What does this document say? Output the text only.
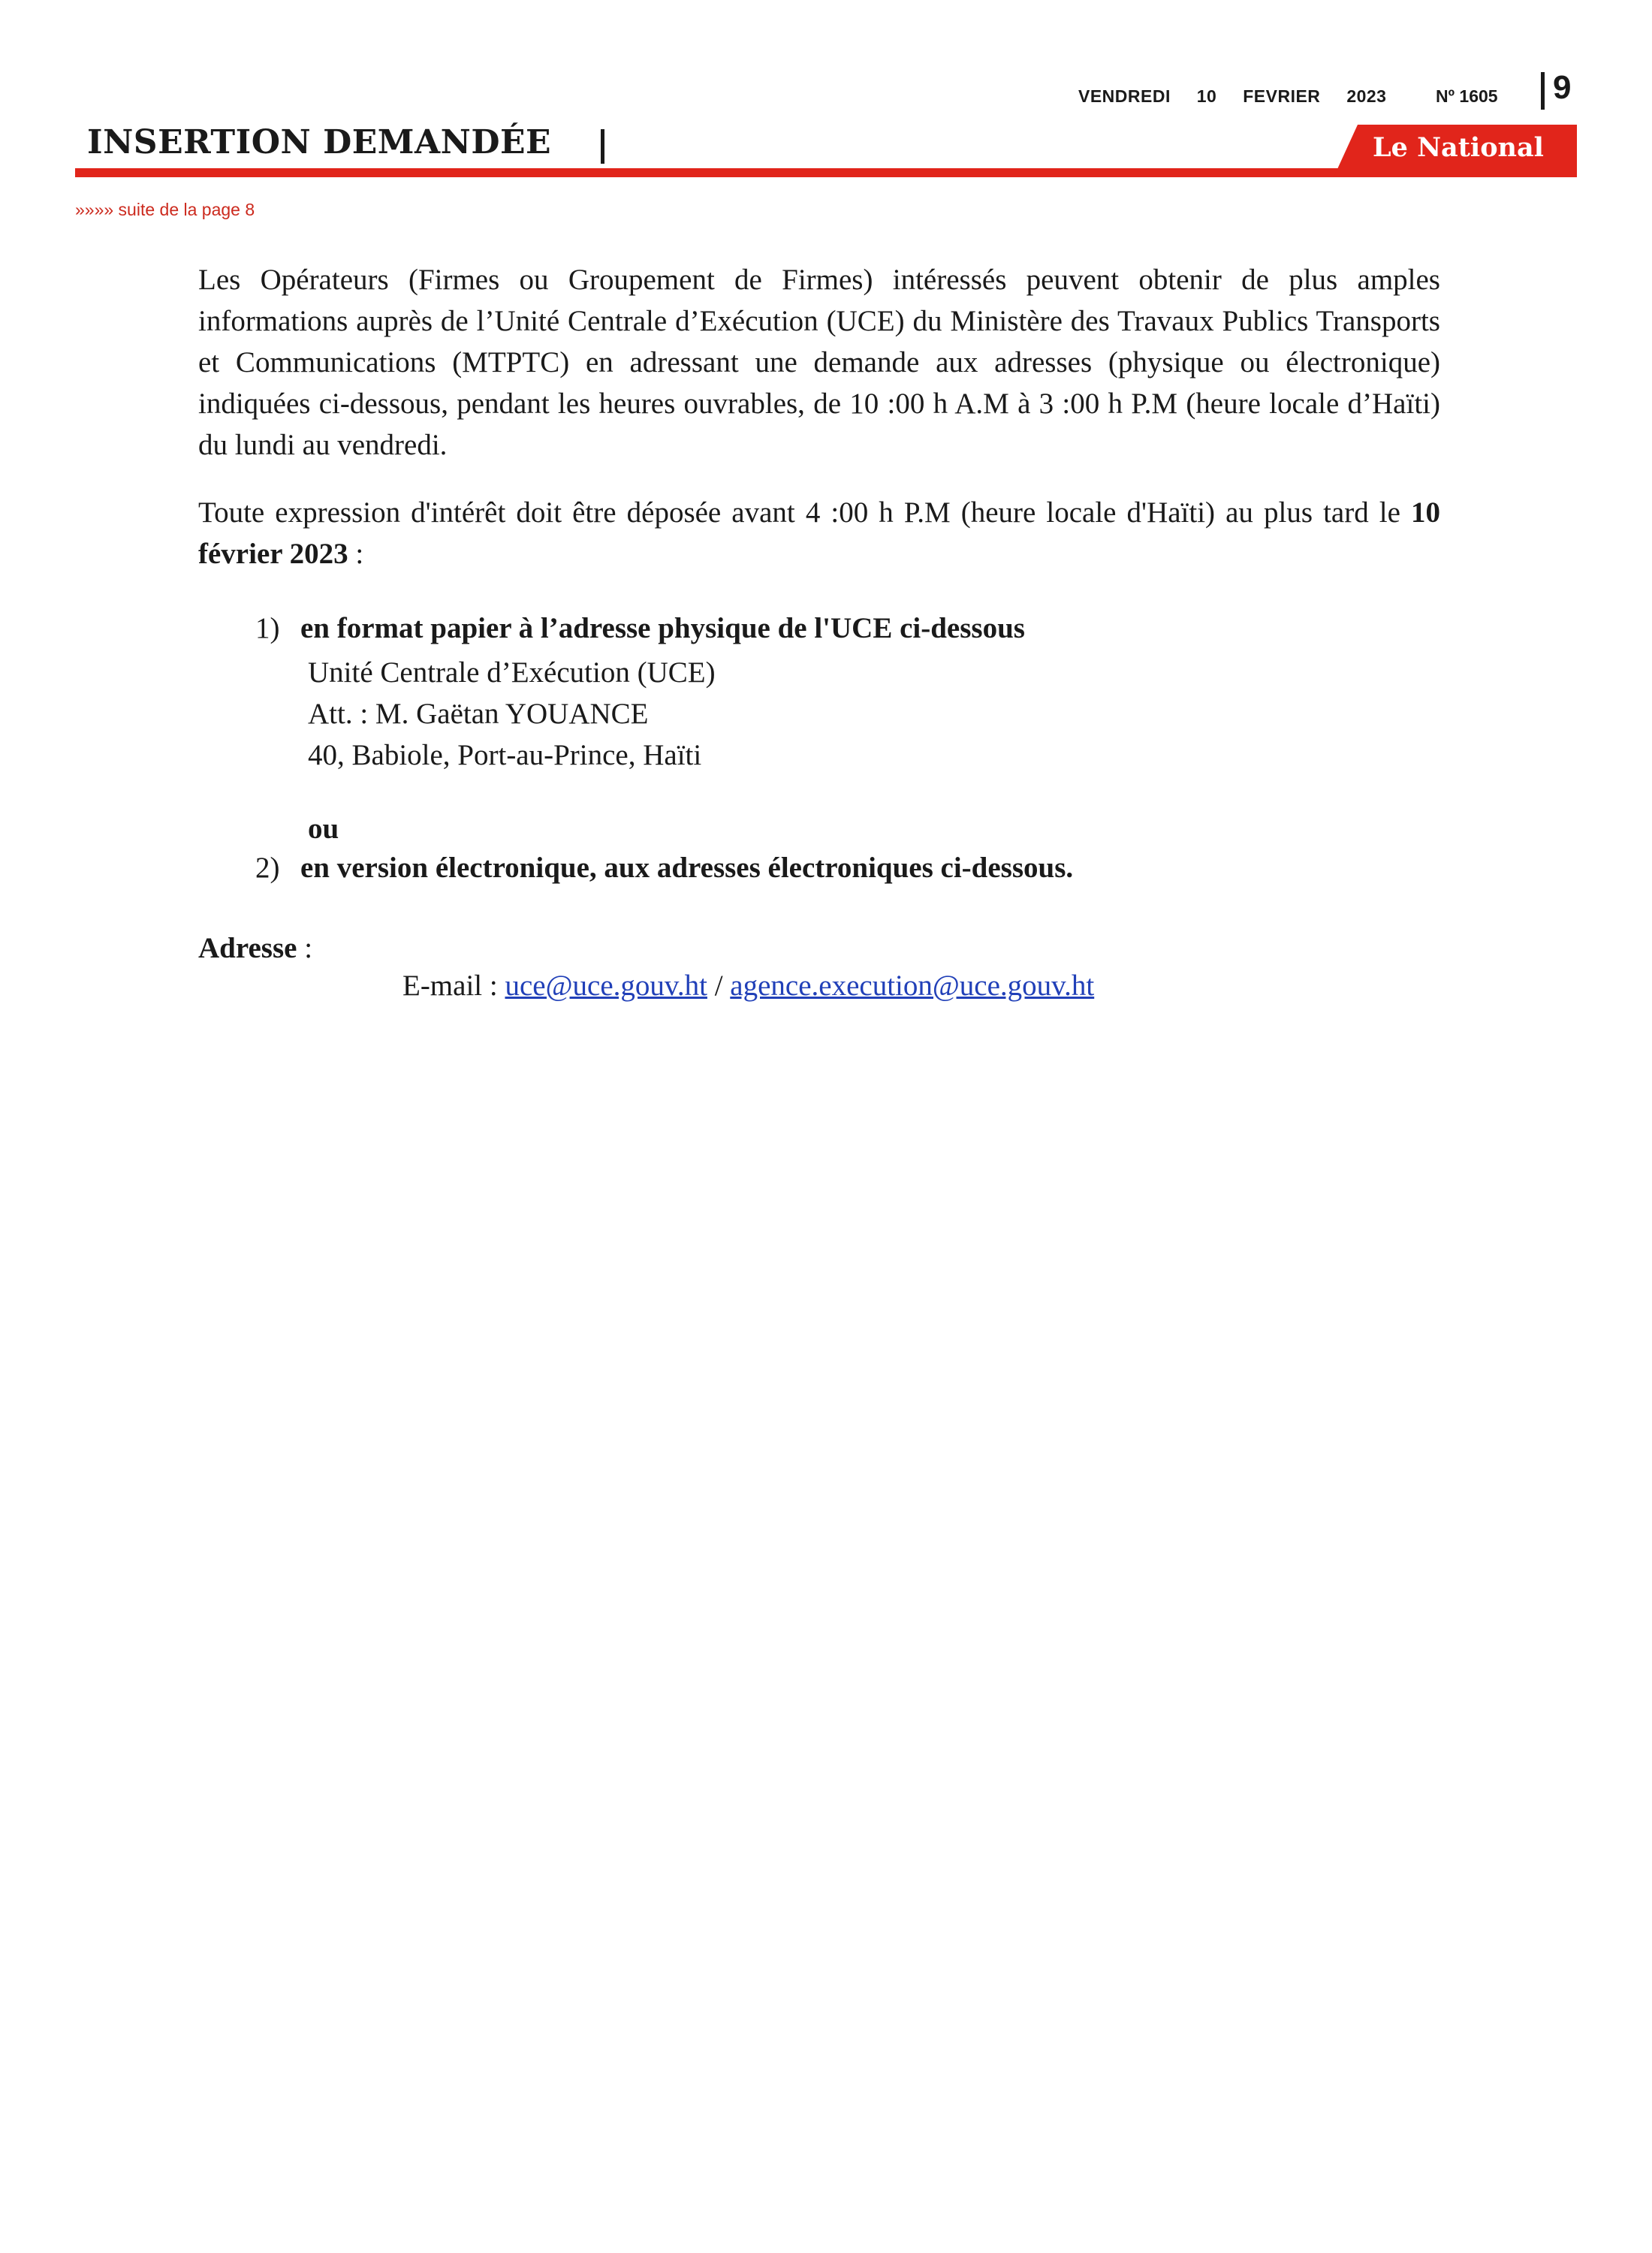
VENDREDI 10 FEVRIER 2023	Nº 1605 9
INSERTION DEMANDÉE	Le National
»»»» suite de la page 8
Les Opérateurs (Firmes ou Groupement de Firmes) intéressés peuvent obtenir de plus amples informations auprès de l’Unité Centrale d’Exécution (UCE) du Ministère des Travaux Publics Transports et Communications (MTPTC) en adressant une demande aux adresses (physique ou électronique) indiquées ci-dessous, pendant les heures ouvrables, de 10 :00 h A.M à 3 :00 h P.M (heure locale d’Haïti) du lundi au vendredi.
Toute expression d'intérêt doit être déposée avant 4 :00 h P.M (heure locale d'Haïti) au plus tard le 10 février 2023 :
1) en format papier à l’adresse physique de l'UCE ci-dessous
Unité Centrale d’Exécution (UCE)
Att. : M. Gaëtan YOUANCE
40, Babiole, Port-au-Prince, Haïti
ou
2) en version électronique, aux adresses électroniques ci-dessous.
Adresse :
E-mail : uce@uce.gouv.ht / agence.execution@uce.gouv.ht
